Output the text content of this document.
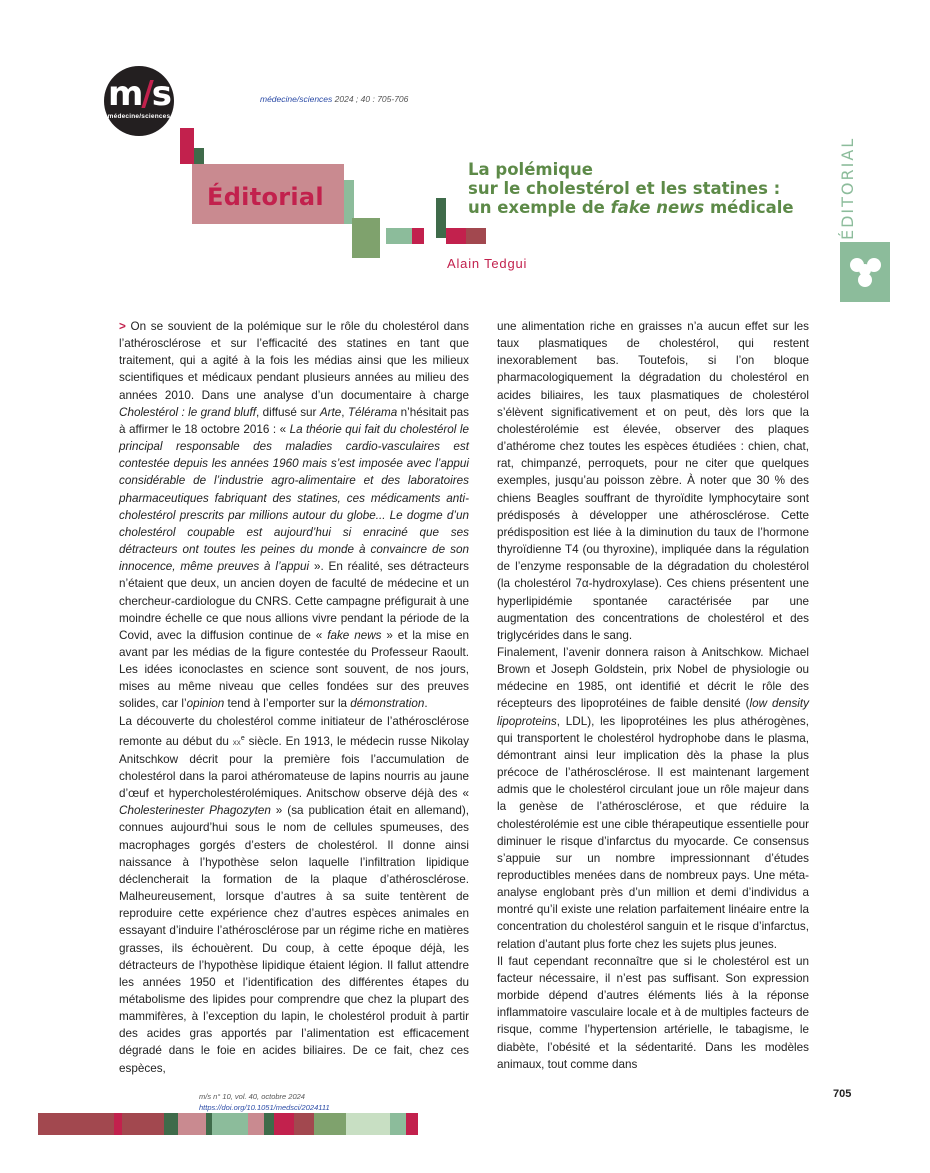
m/s
médecine/sciences
médecine/sciences 2024 ; 40 : 705-706
Éditorial
La polémique
sur le cholestérol et les statines :
un exemple de fake news médicale
Alain Tedgui
ÉDITORIAL

> On se souvient de la polémique sur le rôle du cholestérol dans l’athérosclérose et sur l’efficacité des statines en tant que traitement, qui a agité à la fois les médias ainsi que les milieux scientifiques et médicaux pendant plusieurs années au milieu des années 2010. Dans une analyse d’un documentaire à charge Cholestérol : le grand bluff, diffusé sur Arte, Télérama n’hésitait pas à affirmer le 18 octobre 2016 : « La théorie qui fait du cholestérol le principal responsable des maladies cardio-vasculaires est contestée depuis les années 1960 mais s’est imposée avec l’appui considérable de l’industrie agro-alimentaire et des laboratoires pharmaceutiques fabriquant des statines, ces médicaments anti-cholestérol prescrits par millions autour du globe... Le dogme d’un cholestérol coupable est aujourd’hui si enraciné que ses détracteurs ont toutes les peines du monde à convaincre de son innocence, même preuves à l’appui ». En réalité, ses détracteurs n’étaient que deux, un ancien doyen de faculté de médecine et un chercheur-cardiologue du CNRS. Cette campagne préfigurait à une moindre échelle ce que nous allions vivre pendant la période de la Covid, avec la diffusion continue de « fake news » et la mise en avant par les médias de la figure contestée du Professeur Raoult. Les idées iconoclastes en science sont souvent, de nos jours, mises au même niveau que celles fondées sur des preuves solides, car l’opinion tend à l’emporter sur la démonstration.

La découverte du cholestérol comme initiateur de l’athérosclérose remonte au début du $xx^e$ siècle. En 1913, le médecin russe Nikolay Anitschkow décrit pour la première fois l’accumulation de cholestérol dans la paroi athéromateuse de lapins nourris au jaune d’œuf et hypercholestérolémiques. Anitschow observe déjà des « Cholesterinester Phagozyten » (sa publication était en allemand), connues aujourd’hui sous le nom de cellules spumeuses, des macrophages gorgés d’esters de cholestérol. Il donne ainsi naissance à l’hypothèse selon laquelle l’infiltration lipidique déclencherait la formation de la plaque d’athérosclérose. Malheureusement, lorsque d’autres à sa suite tentèrent de reproduire cette expérience chez d’autres espèces animales en essayant d’induire l’athérosclérose par un régime riche en matières grasses, ils échouèrent. Du coup, à cette époque déjà, les détracteurs de l’hypothèse lipidique étaient légion. Il fallut attendre les années 1950 et l’identification des différentes étapes du métabolisme des lipides pour comprendre que chez la plupart des mammifères, à l’exception du lapin, le cholestérol produit à partir des acides gras apportés par l’alimentation est efficacement dégradé dans le foie en acides biliaires. De ce fait, chez ces espèces,

une alimentation riche en graisses n’a aucun effet sur les taux plasmatiques de cholestérol, qui restent inexorablement bas. Toutefois, si l’on bloque pharmacologiquement la dégradation du cholestérol en acides biliaires, les taux plasmatiques de cholestérol s’élèvent significativement et on peut, dès lors que la cholestérolémie est élevée, observer des plaques d’athérome chez toutes les espèces étudiées : chien, chat, rat, chimpanzé, perroquets, pour ne citer que quelques exemples, jusqu’au poisson zèbre. À noter que 30 % des chiens Beagles souffrant de thyroïdite lymphocytaire sont prédisposés à développer une athérosclérose. Cette prédisposition est liée à la diminution du taux de l’hormone thyroïdienne T4 (ou thyroxine), impliquée dans la régulation de l’enzyme responsable de la dégradation du cholestérol (la cholestérol 7α-hydroxylase). Ces chiens présentent une hyperlipidémie spontanée caractérisée par une augmentation des concentrations de cholestérol et des triglycérides dans le sang.

Finalement, l’avenir donnera raison à Anitschkow. Michael Brown et Joseph Goldstein, prix Nobel de physiologie ou médecine en 1985, ont identifié et décrit le rôle des récepteurs des lipoprotéines de faible densité (low density lipoproteins, LDL), les lipoprotéines les plus athérogènes, qui transportent le cholestérol hydrophobe dans le plasma, démontrant ainsi leur implication dès la phase la plus précoce de l’athérosclérose. Il est maintenant largement admis que le cholestérol circulant joue un rôle majeur dans la genèse de l’athérosclérose, et que réduire la cholestérolémie est une cible thérapeutique essentielle pour diminuer le risque d’infarctus du myocarde. Ce consensus s’appuie sur un nombre impressionnant d’études reproductibles menées dans de nombreux pays. Une méta-analyse englobant près d’un million et demi d’individus a montré qu’il existe une relation parfaitement linéaire entre la concentration du cholestérol sanguin et le risque d’infarctus, relation d’autant plus forte chez les sujets plus jeunes.

Il faut cependant reconnaître que si le cholestérol est un facteur nécessaire, il n’est pas suffisant. Son expression morbide dépend d’autres éléments liés à la réponse inflammatoire vasculaire locale et à de multiples facteurs de risque, comme l’hypertension artérielle, le tabagisme, le diabète, l’obésité et la sédentarité. Dans les modèles animaux, tout comme dans

m/s n° 10, vol. 40, octobre 2024
https://doi.org/10.1051/medsci/2024111
705
